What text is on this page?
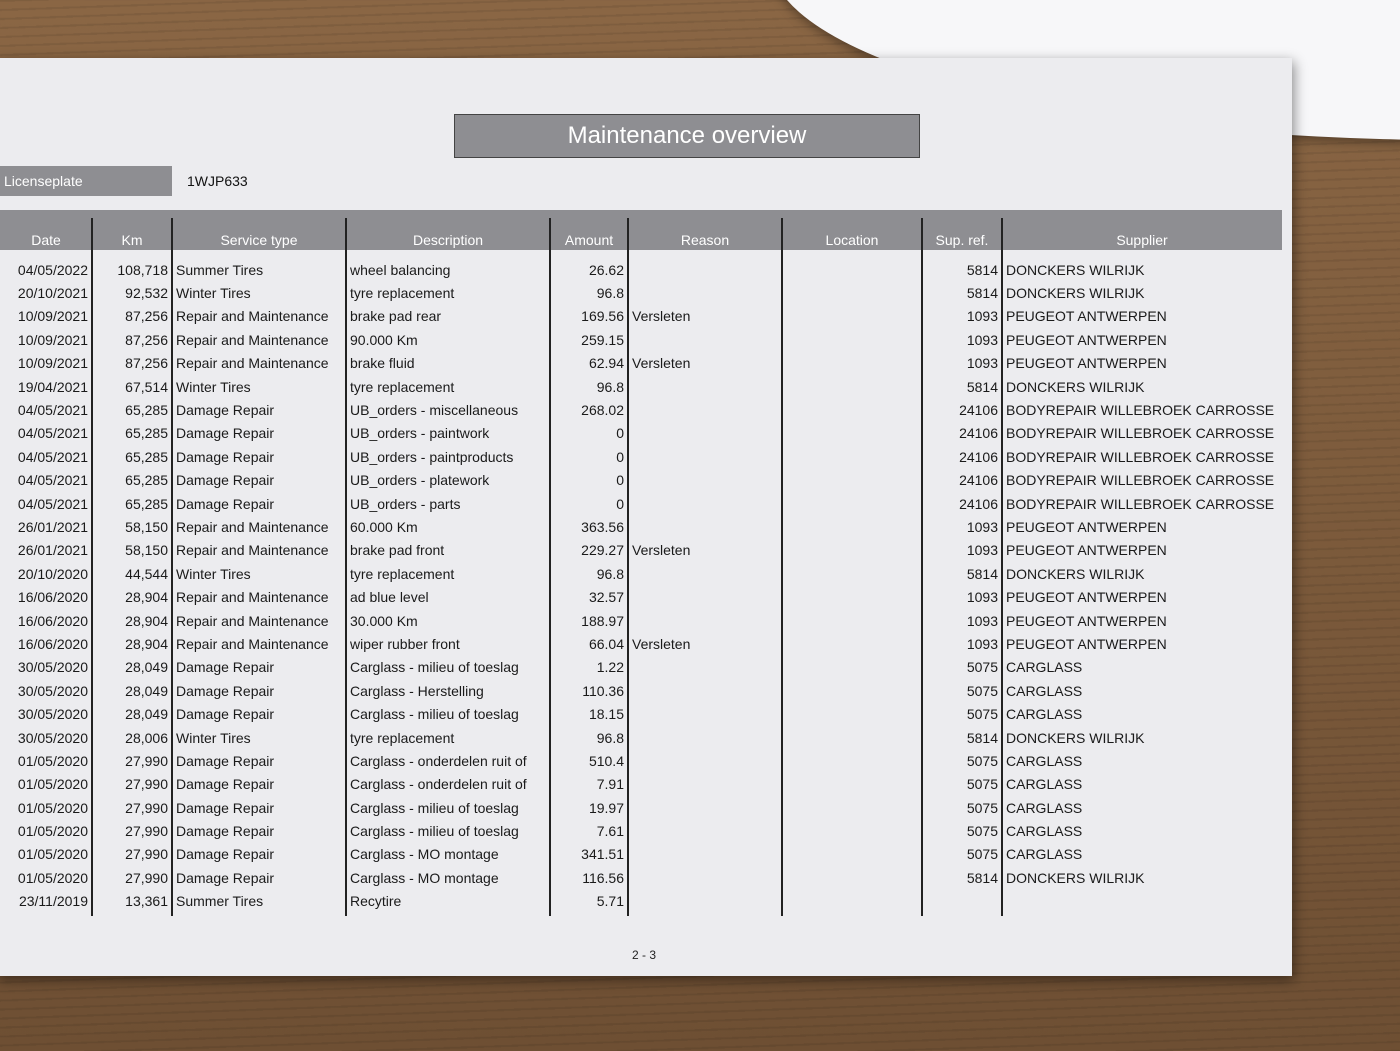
Maintenance overview
Licenseplate	1WJP633
Date	Km	Service type	Description	Amount	Reason	Location	Sup. ref.	Supplier
04/05/2022	108,718	Summer Tires	wheel balancing	26.62			5814	DONCKERS WILRIJK
20/10/2021	92,532	Winter Tires	tyre replacement	96.8			5814	DONCKERS WILRIJK
10/09/2021	87,256	Repair and Maintenance	brake pad rear	169.56	Versleten		1093	PEUGEOT ANTWERPEN
10/09/2021	87,256	Repair and Maintenance	90.000 Km	259.15			1093	PEUGEOT ANTWERPEN
10/09/2021	87,256	Repair and Maintenance	brake fluid	62.94	Versleten		1093	PEUGEOT ANTWERPEN
19/04/2021	67,514	Winter Tires	tyre replacement	96.8			5814	DONCKERS WILRIJK
04/05/2021	65,285	Damage Repair	UB_orders - miscellaneous	268.02			24106	BODYREPAIR WILLEBROEK CARROSSE
04/05/2021	65,285	Damage Repair	UB_orders - paintwork	0			24106	BODYREPAIR WILLEBROEK CARROSSE
04/05/2021	65,285	Damage Repair	UB_orders - paintproducts	0			24106	BODYREPAIR WILLEBROEK CARROSSE
04/05/2021	65,285	Damage Repair	UB_orders - platework	0			24106	BODYREPAIR WILLEBROEK CARROSSE
04/05/2021	65,285	Damage Repair	UB_orders - parts	0			24106	BODYREPAIR WILLEBROEK CARROSSE
26/01/2021	58,150	Repair and Maintenance	60.000 Km	363.56			1093	PEUGEOT ANTWERPEN
26/01/2021	58,150	Repair and Maintenance	brake pad front	229.27	Versleten		1093	PEUGEOT ANTWERPEN
20/10/2020	44,544	Winter Tires	tyre replacement	96.8			5814	DONCKERS WILRIJK
16/06/2020	28,904	Repair and Maintenance	ad blue level	32.57			1093	PEUGEOT ANTWERPEN
16/06/2020	28,904	Repair and Maintenance	30.000 Km	188.97			1093	PEUGEOT ANTWERPEN
16/06/2020	28,904	Repair and Maintenance	wiper rubber front	66.04	Versleten		1093	PEUGEOT ANTWERPEN
30/05/2020	28,049	Damage Repair	Carglass - milieu of toeslag	1.22			5075	CARGLASS
30/05/2020	28,049	Damage Repair	Carglass - Herstelling	110.36			5075	CARGLASS
30/05/2020	28,049	Damage Repair	Carglass - milieu of toeslag	18.15			5075	CARGLASS
30/05/2020	28,006	Winter Tires	tyre replacement	96.8			5814	DONCKERS WILRIJK
01/05/2020	27,990	Damage Repair	Carglass - onderdelen ruit of	510.4			5075	CARGLASS
01/05/2020	27,990	Damage Repair	Carglass - onderdelen ruit of	7.91			5075	CARGLASS
01/05/2020	27,990	Damage Repair	Carglass - milieu of toeslag	19.97			5075	CARGLASS
01/05/2020	27,990	Damage Repair	Carglass - milieu of toeslag	7.61			5075	CARGLASS
01/05/2020	27,990	Damage Repair	Carglass - MO montage	341.51			5075	CARGLASS
01/05/2020	27,990	Damage Repair	Carglass - MO montage	116.56			5814	DONCKERS WILRIJK
23/11/2019	13,361	Summer Tires	Recytire	5.71				
2 - 3
